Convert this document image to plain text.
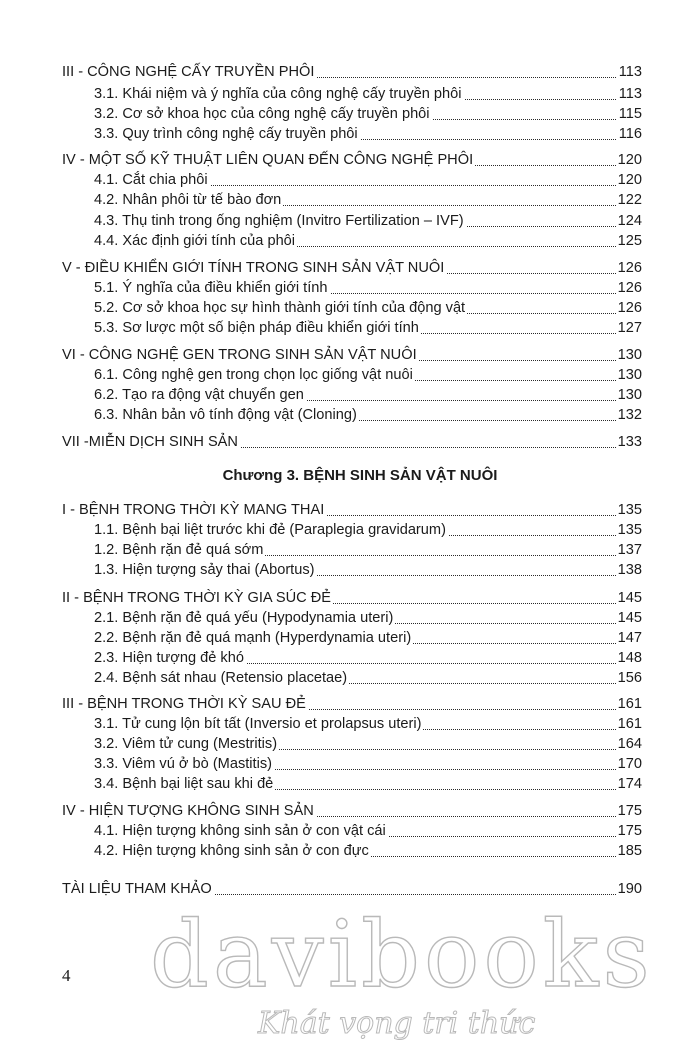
Chương 3. BỆNH SINH SẢN VẬT NUÔI
III - CÔNG NGHỆ CẤY TRUYỀN PHÔI	113
3.1. Khái niệm và ý nghĩa của công nghệ cấy truyền phôi	113
3.2. Cơ sở khoa học của công nghệ cấy truyền phôi	115
3.3. Quy trình công nghệ cấy truyền phôi	116
IV - MỘT SỐ KỸ THUẬT LIÊN QUAN ĐẾN CÔNG NGHỆ PHÔI	120
4.1. Cắt chia phôi	120
4.2. Nhân phôi từ tế bào đơn	122
4.3. Thụ tinh trong ống nghiệm (Invitro Fertilization – IVF)	124
4.4. Xác định giới tính của phôi	125
V - ĐIỀU KHIỂN GIỚI TÍNH TRONG SINH SẢN VẬT NUÔI	126
5.1. Ý nghĩa của điều khiển giới tính	126
5.2. Cơ sở khoa học sự hình thành giới tính của động vật	126
5.3. Sơ lược một số biện pháp điều khiển giới tính	127
VI - CÔNG NGHỆ GEN TRONG SINH SẢN VẬT NUÔI	130
6.1. Công nghệ gen trong chọn lọc giống vật nuôi	130
6.2. Tạo ra động vật chuyển gen	130
6.3. Nhân bản vô tính động vật (Cloning)	132
VII -MIỄN DỊCH SINH SẢN	133
I - BỆNH TRONG THỜI KỲ MANG THAI	135
1.1. Bệnh bại liệt trước khi đẻ (Paraplegia gravidarum)	135
1.2. Bệnh rặn đẻ quá sớm	137
1.3. Hiện tượng sảy thai (Abortus)	138
II - BỆNH TRONG THỜI KỲ GIA SÚC ĐẺ	145
2.1. Bệnh rặn đẻ quá yếu (Hypodynamia uteri)	145
2.2. Bệnh rặn đẻ quá mạnh (Hyperdynamia uteri)	147
2.3. Hiện tượng đẻ khó	148
2.4. Bệnh sát nhau (Retensio placetae)	156
III - BỆNH TRONG THỜI KỲ SAU ĐẺ	161
3.1. Tử cung lộn bít tất (Inversio et prolapsus uteri)	161
3.2. Viêm tử cung (Mestritis)	164
3.3. Viêm vú ở bò (Mastitis)	170
3.4. Bệnh bại liệt sau khi đẻ	174
IV - HIỆN TƯỢNG KHÔNG SINH SẢN	175
4.1. Hiện tượng không sinh sản ở con vật cái	175
4.2. Hiện tượng không sinh sản ở con đực	185
TÀI LIỆU THAM KHẢO	190
4 davibooks
Khát vọng tri thức
